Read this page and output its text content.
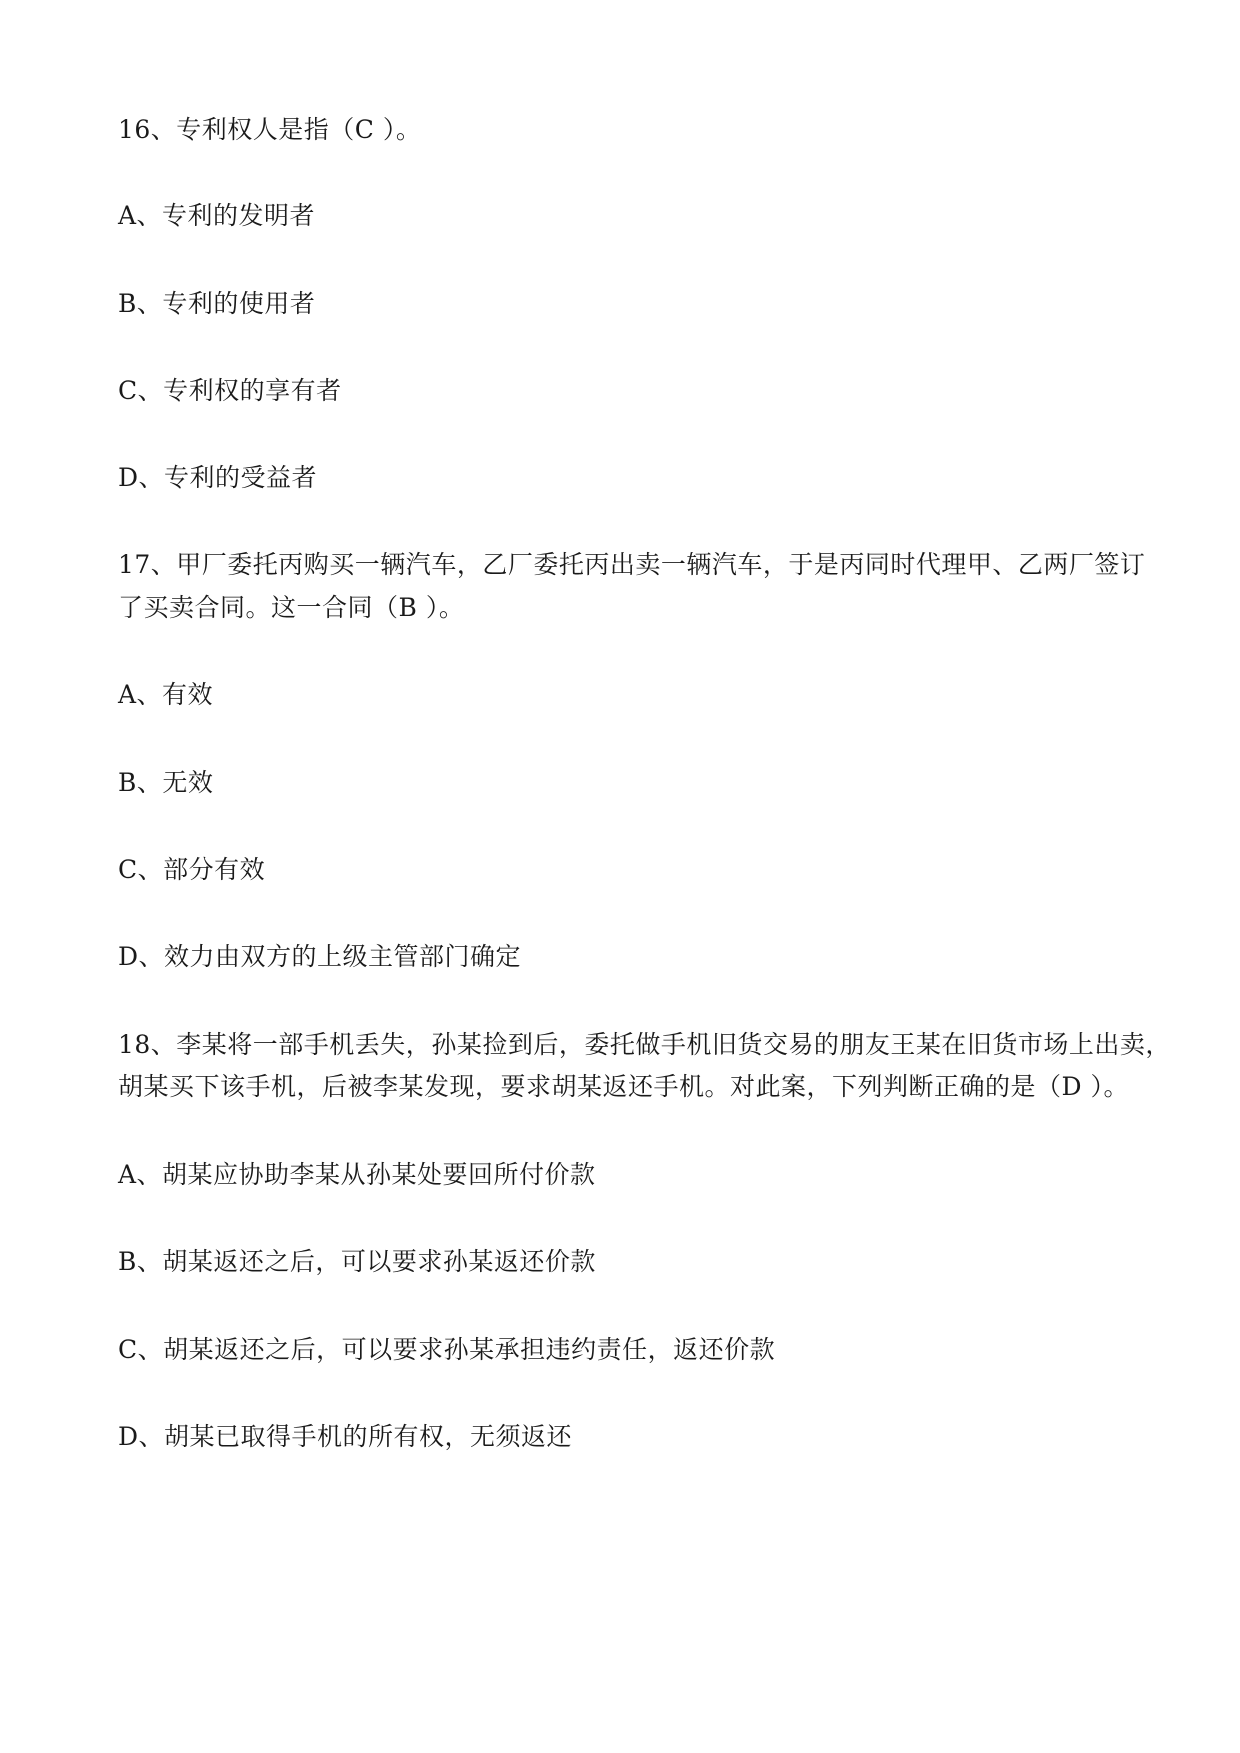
16、专利权人是指（C ）。
A、专利的发明者
B、专利的使用者
C、专利权的享有者
D、专利的受益者
17、甲厂委托丙购买一辆汽车，乙厂委托丙出卖一辆汽车，于是丙同时代理甲、乙两厂签订
了买卖合同。这一合同（B ）。
A、有效
B、无效
C、部分有效
D、效力由双方的上级主管部门确定
18、李某将一部手机丢失，孙某捡到后，委托做手机旧货交易的朋友王某在旧货市场上出卖，
胡某买下该手机，后被李某发现，要求胡某返还手机。对此案，下列判断正确的是（D ）。
A、胡某应协助李某从孙某处要回所付价款
B、胡某返还之后，可以要求孙某返还价款
C、胡某返还之后，可以要求孙某承担违约责任，返还价款
D、胡某已取得手机的所有权，无须返还
